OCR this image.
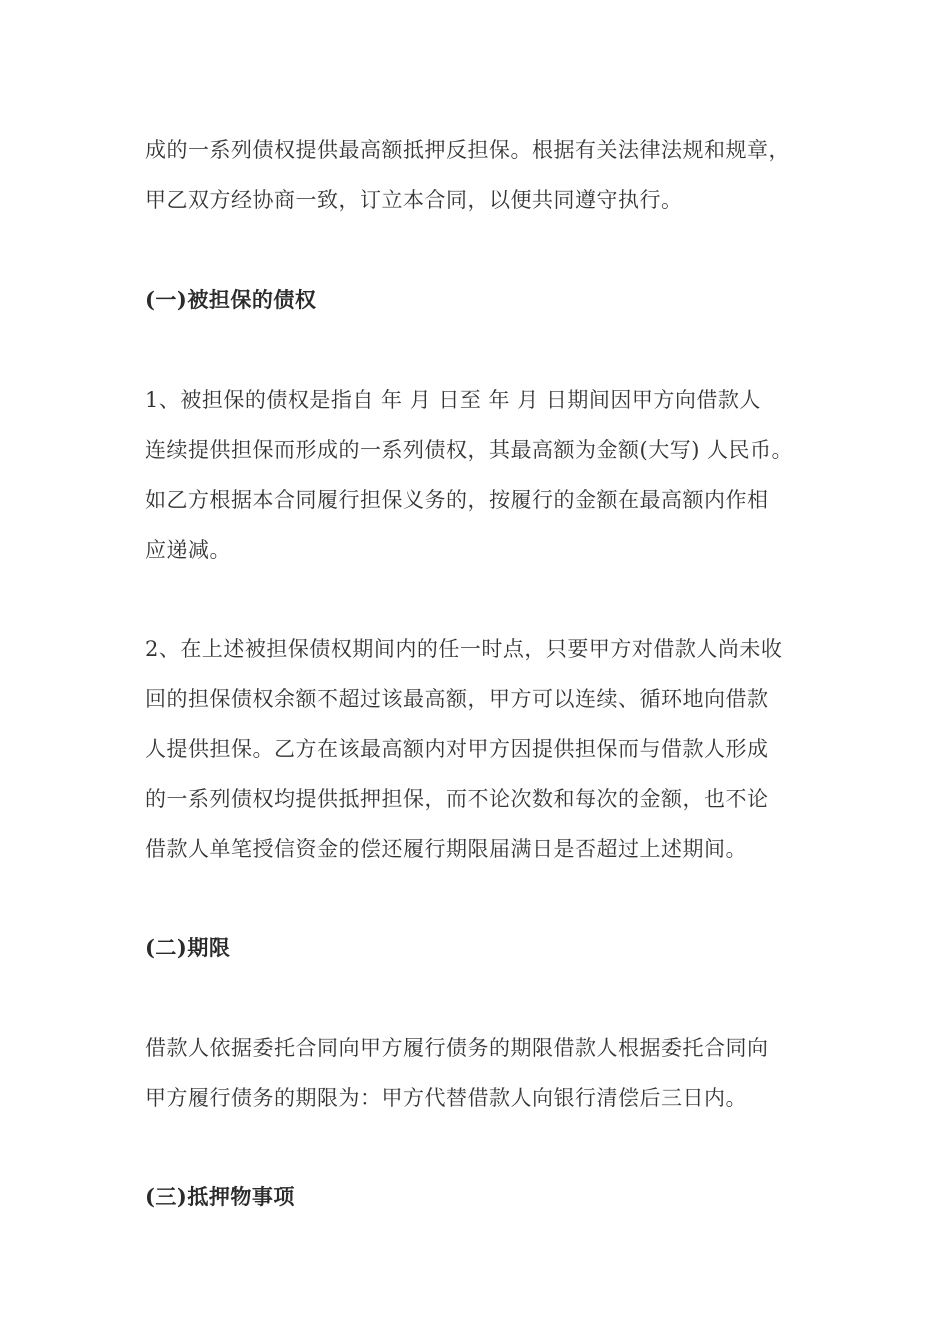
成的一系列债权提供最高额抵押反担保。根据有关法律法规和规章，
甲乙双方经协商一致，订立本合同，以便共同遵守执行。
(一)被担保的债权
1、被担保的债权是指自 年 月 日至 年 月 日期间因甲方向借款人
连续提供担保而形成的一系列债权，其最高额为金额(大写) 人民币。
如乙方根据本合同履行担保义务的，按履行的金额在最高额内作相
应递减。
2、在上述被担保债权期间内的任一时点，只要甲方对借款人尚未收
回的担保债权余额不超过该最高额，甲方可以连续、循环地向借款
人提供担保。乙方在该最高额内对甲方因提供担保而与借款人形成
的一系列债权均提供抵押担保，而不论次数和每次的金额，也不论
借款人单笔授信资金的偿还履行期限届满日是否超过上述期间。
(二)期限
借款人依据委托合同向甲方履行债务的期限借款人根据委托合同向
甲方履行债务的期限为：甲方代替借款人向银行清偿后三日内。
(三)抵押物事项
